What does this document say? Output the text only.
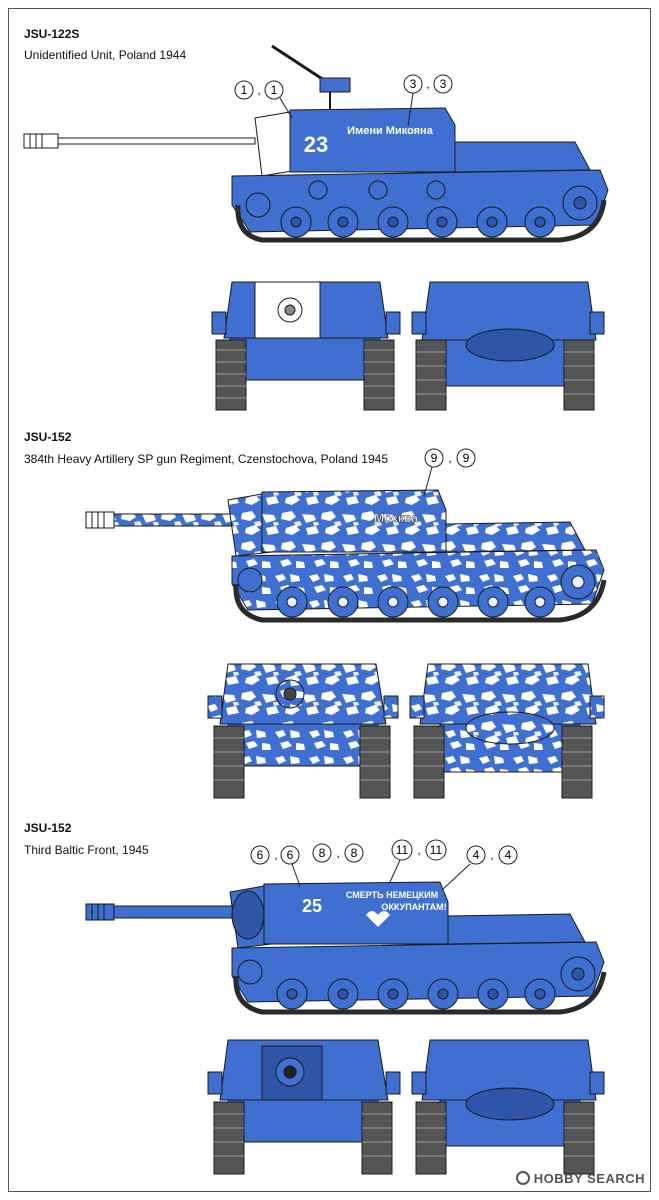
JSU-122S
Unidentified Unit, Poland 1944
JSU-152
384th Heavy Artillery SP gun Regiment, Czenstochova, Poland 1945
JSU-152
Third Baltic Front, 1945
1 , 1	3 , 3
23
Имени Микояна
9 , 9
Москва
6 , 6 8 , 8	11 , 11	4 , 4
25
СМЕРТЬ НЕМЕЦКИМ
ОККУПАНТАМ!
HOBBY SEARCH
